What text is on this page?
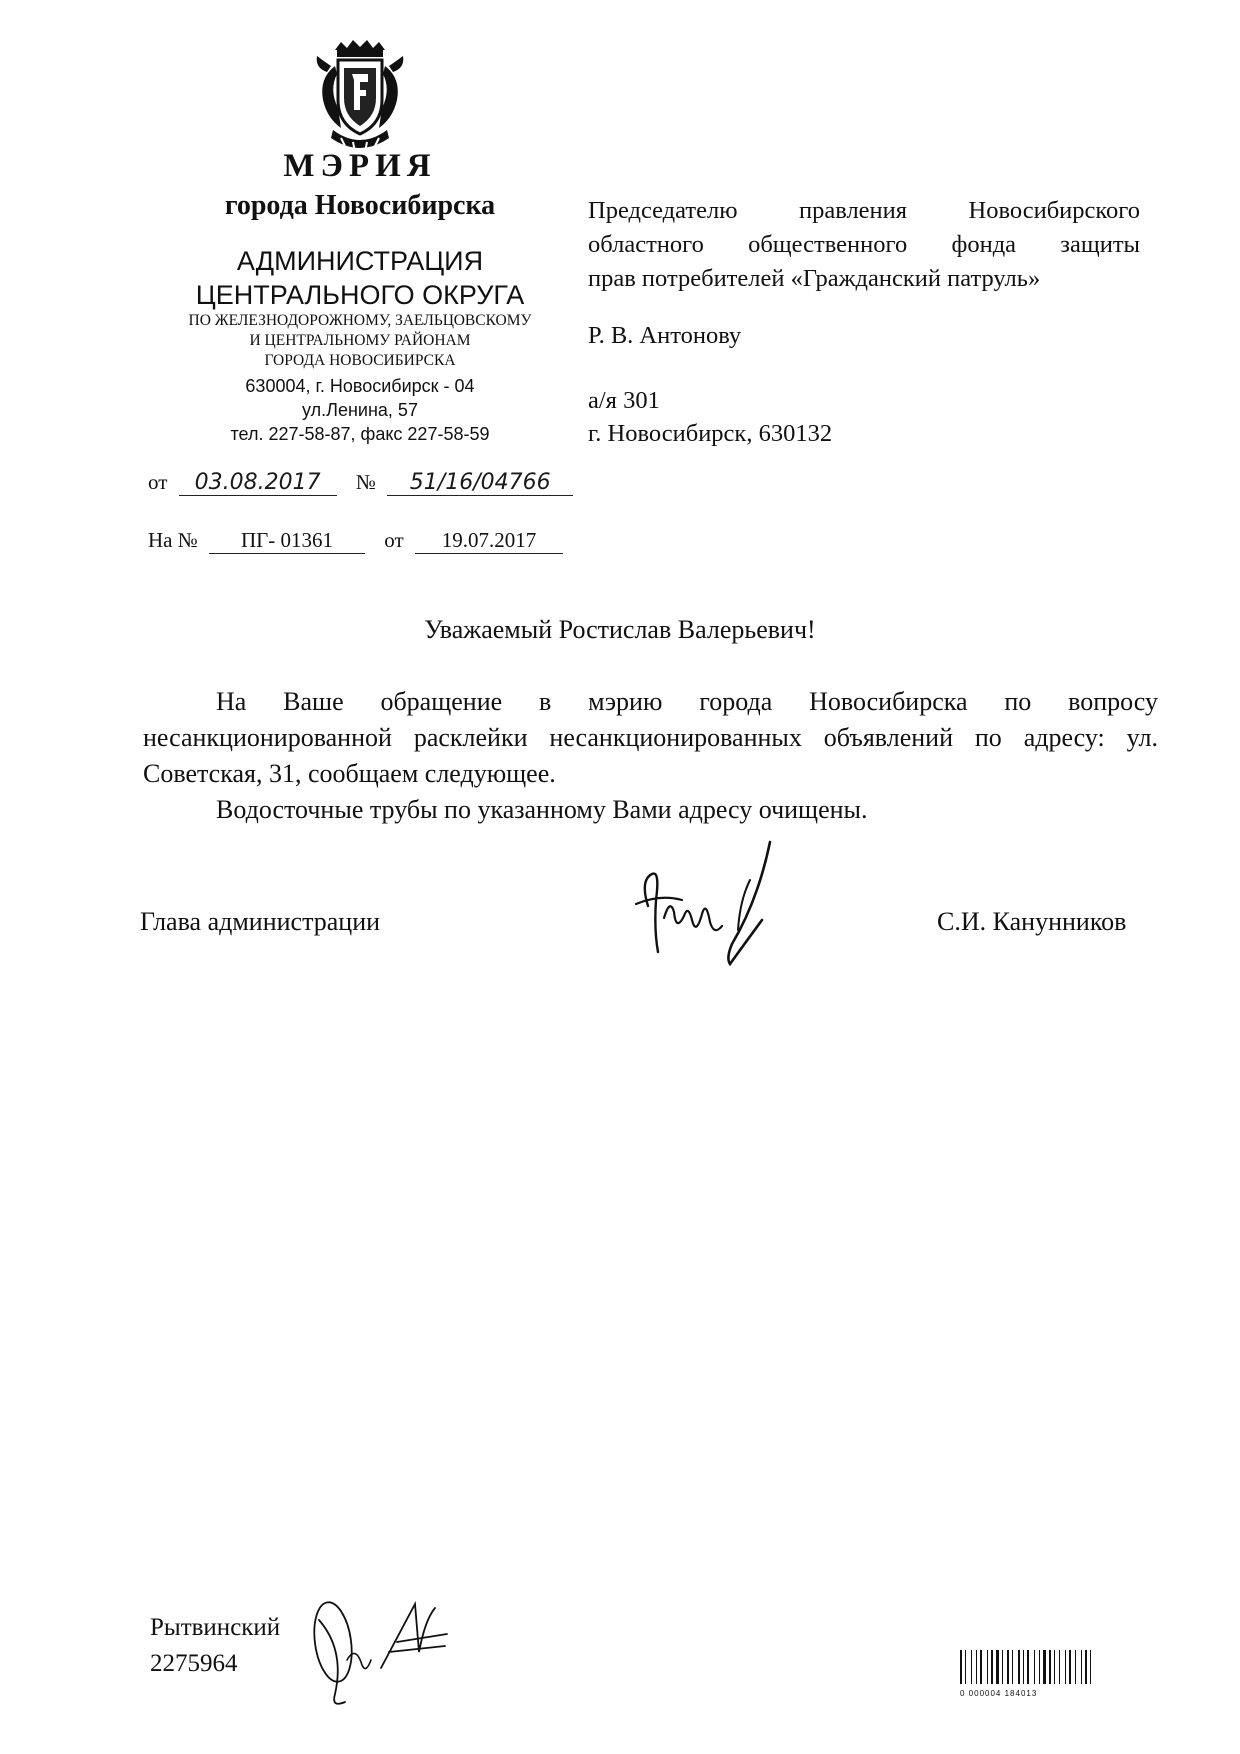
МЭРИЯ
города Новосибирска
АДМИНИСТРАЦИЯ
ЦЕНТРАЛЬНОГО ОКРУГА
ПО ЖЕЛЕЗНОДОРОЖНОМУ, ЗАЕЛЬЦОВСКОМУ
И ЦЕНТРАЛЬНОМУ РАЙОНАМ
ГОРОДА НОВОСИБИРСКА
630004, г. Новосибирск - 04
ул.Ленина, 57
тел. 227-58-87, факс 227-58-59
от 03.08.2017 № 51/16/04766
На № ПГ- 01361 от 19.07.2017
Председателю правления Новосибирского
областного общественного фонда защиты
прав потребителей «Гражданский патруль»
Р. В. Антонову
а/я 301
г. Новосибирск, 630132
Уважаемый Ростислав Валерьевич!

На Ваше обращение в мэрию города Новосибирска по вопросу несанкционированной расклейки несанкционированных объявлений по адресу: ул. Советская, 31, сообщаем следующее.

Водосточные трубы по указанному Вами адресу очищены.

Глава администрации	С.И. Канунников
Рытвинский
2275964
0 000004 184013
